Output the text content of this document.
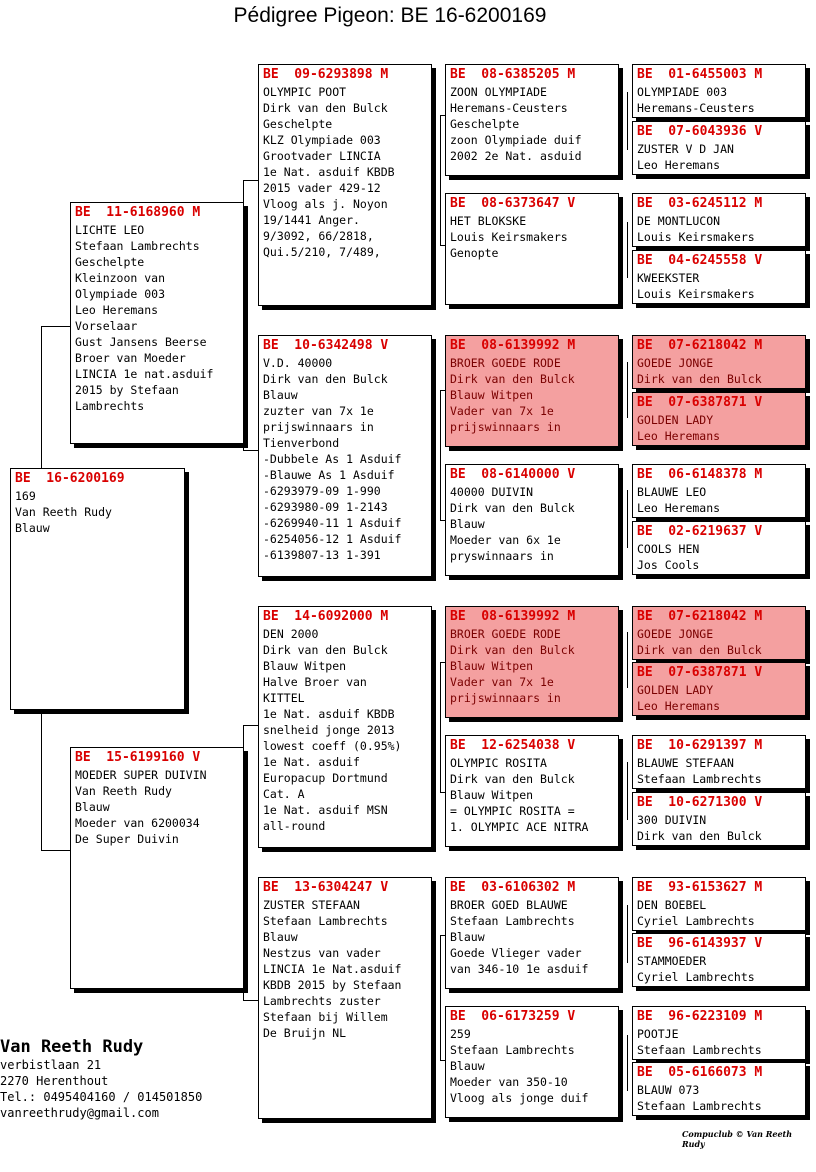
Pédigree Pigeon: BE 16-6200169
BE  16-6200169
169
Van Reeth Rudy
Blauw
BE  11-6168960 M
LICHTE LEO
Stefaan Lambrechts
Geschelpte
Kleinzoon van
Olympiade 003
Leo Heremans
Vorselaar
Gust Jansens Beerse
Broer van Moeder
LINCIA 1e nat.asduif
2015 by Stefaan
Lambrechts
BE  15-6199160 V
MOEDER SUPER DUIVIN
Van Reeth Rudy
Blauw
Moeder van 6200034
De Super Duivin
BE  09-6293898 M
OLYMPIC POOT
Dirk van den Bulck
Geschelpte
KLZ Olympiade 003
Grootvader LINCIA
1e Nat. asduif KBDB
2015 vader 429-12
Vloog als j. Noyon
19/1441 Anger.
9/3092, 66/2818,
Qui.5/210, 7/489,
BE  10-6342498 V
V.D. 40000
Dirk van den Bulck
Blauw
zuzter van 7x 1e
prijswinnaars in
Tienverbond
-Dubbele As 1 Asduif
-Blauwe As 1 Asduif
-6293979-09 1-990
-6293980-09 1-2143
-6269940-11 1 Asduif
-6254056-12 1 Asduif
-6139807-13 1-391
BE  14-6092000 M
DEN 2000
Dirk van den Bulck
Blauw Witpen
Halve Broer van
KITTEL
1e Nat. asduif KBDB
snelheid jonge 2013
lowest coeff (0.95%)
1e Nat. asduif
Europacup Dortmund
Cat. A
1e Nat. asduif MSN
all-round
BE  13-6304247 V
ZUSTER STEFAAN
Stefaan Lambrechts
Blauw
Nestzus van vader
LINCIA 1e Nat.asduif
KBDB 2015 by Stefaan
Lambrechts zuster
Stefaan bij Willem
De Bruijn NL
BE  08-6385205 M
ZOON OLYMPIADE
Heremans-Ceusters
Geschelpte
zoon Olympiade duif
2002 2e Nat. asduid
BE  08-6373647 V
HET BLOKSKE
Louis Keirsmakers
Genopte
BE  08-6139992 M
BROER GOEDE RODE
Dirk van den Bulck
Blauw Witpen
Vader van 7x 1e
prijswinnaars in
BE  08-6140000 V
40000 DUIVIN
Dirk van den Bulck
Blauw
Moeder van 6x 1e
pryswinnaars in
BE  08-6139992 M
BROER GOEDE RODE
Dirk van den Bulck
Blauw Witpen
Vader van 7x 1e
prijswinnaars in
BE  12-6254038 V
OLYMPIC ROSITA
Dirk van den Bulck
Blauw Witpen
= OLYMPIC ROSITA =
1. OLYMPIC ACE NITRA
BE  03-6106302 M
BROER GOED BLAUWE
Stefaan Lambrechts
Blauw
Goede Vlieger vader
van 346-10 1e asduif
BE  06-6173259 V
259
Stefaan Lambrechts
Blauw
Moeder van 350-10
Vloog als jonge duif
BE  01-6455003 M
OLYMPIADE 003
Heremans-Ceusters
BE  07-6043936 V
ZUSTER V D JAN
Leo Heremans
BE  03-6245112 M
DE MONTLUCON
Louis Keirsmakers
BE  04-6245558 V
KWEEKSTER
Louis Keirsmakers
BE  07-6218042 M
GOEDE JONGE
Dirk van den Bulck
BE  07-6387871 V
GOLDEN LADY
Leo Heremans
BE  06-6148378 M
BLAUWE LEO
Leo Heremans
BE  02-6219637 V
COOLS HEN
Jos Cools
BE  07-6218042 M
GOEDE JONGE
Dirk van den Bulck
BE  07-6387871 V
GOLDEN LADY
Leo Heremans
BE  10-6291397 M
BLAUWE STEFAAN
Stefaan Lambrechts
BE  10-6271300 V
300 DUIVIN
Dirk van den Bulck
BE  93-6153627 M
DEN BOEBEL
Cyriel Lambrechts
BE  96-6143937 V
STAMMOEDER
Cyriel Lambrechts
BE  96-6223109 M
POOTJE
Stefaan Lambrechts
BE  05-6166073 M
BLAUW 073
Stefaan Lambrechts
Van Reeth Rudy
verbistlaan 21
2270 Herenthout
Tel.: 0495404160 / 014501850
vanreethrudy@gmail.com
Compuclub © Van Reeth Rudy
